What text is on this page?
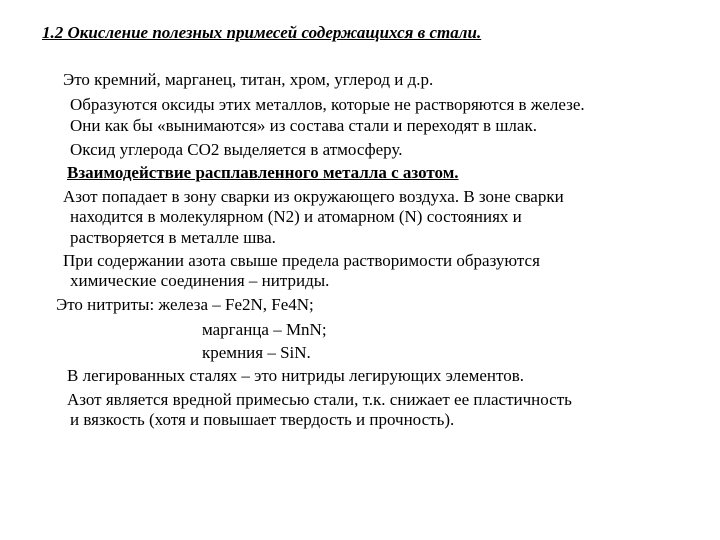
1.2 Окисление полезных примесей содержащихся в стали.
Это кремний, марганец, титан, хром, углерод и д.р.
Образуются оксиды этих металлов, которые не растворяются в железе.
Они как бы «вынимаются» из состава стали и переходят в шлак.
Оксид углерода СО2 выделяется в атмосферу.
Взаимодействие расплавленного металла с азотом.
Азот попадает в зону сварки из окружающего воздуха. В зоне сварки
находится в молекулярном (N2) и атомарном (N) состояниях и
растворяется в металле шва.
При содержании азота свыше предела растворимости образуются
химические соединения – нитриды.
Это нитриты: железа – Fe2N, Fe4N;
марганца – MnN;
кремния – SiN.
В легированных сталях – это нитриды легирующих элементов.
Азот является вредной примесью стали, т.к. снижает ее пластичность
и вязкость (хотя и повышает твердость и прочность).
